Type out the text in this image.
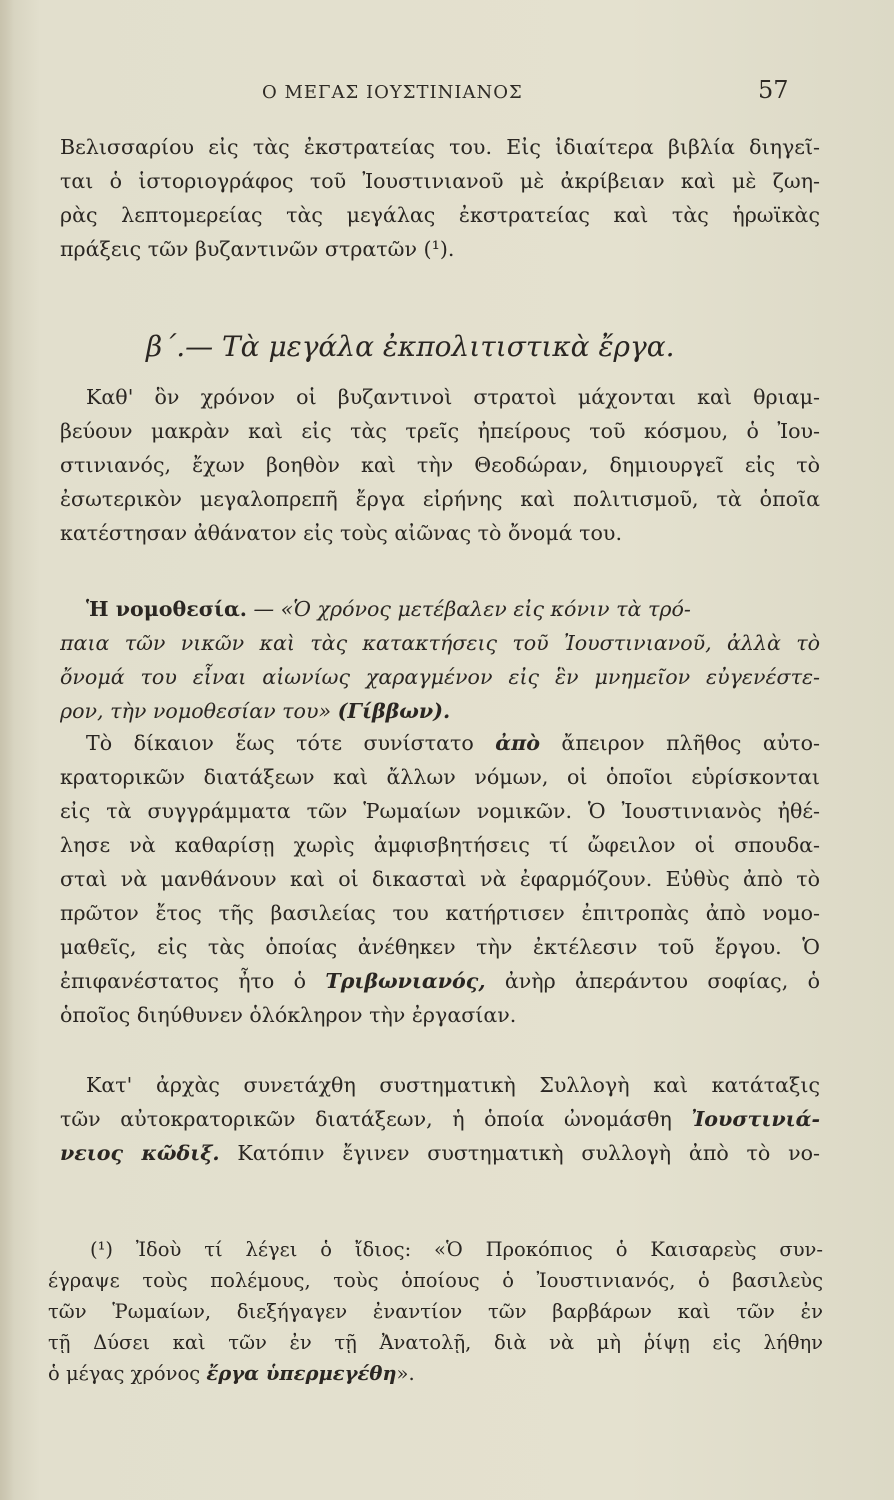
Ο ΜΕΓΑΣ ΙΟΥΣΤΙΝΙΑΝΟΣ	57
Βελισσαρίου εἰς τὰς ἐκστρατείας του. Εἰς ἰδιαίτερα βιβλία διηγεῖ-
ται ὁ ἱστοριογράφος τοῦ Ἰουστινιανοῦ μὲ ἀκρίβειαν καὶ μὲ ζωη-
ρὰς λεπτομερείας τὰς μεγάλας ἐκστρατείας καὶ τὰς ἡρωϊκὰς
πράξεις τῶν βυζαντινῶν στρατῶν (¹).
β΄.— Τὰ μεγάλα ἐκπολιτιστικὰ ἔργα.
Καθ' ὃν χρόνον οἱ βυζαντινοὶ στρατοὶ μάχονται καὶ θριαμ-
βεύουν μακρὰν καὶ εἰς τὰς τρεῖς ἠπείρους τοῦ κόσμου, ὁ Ἰου-
στινιανός, ἔχων βοηθὸν καὶ τὴν Θεοδώραν, δημιουργεῖ εἰς τὸ
ἐσωτερικὸν μεγαλοπρεπῆ ἔργα εἰρήνης καὶ πολιτισμοῦ, τὰ ὁποῖα
κατέστησαν ἀθάνατον εἰς τοὺς αἰῶνας τὸ ὄνομά του.
Ἡ νομοθεσία. — «Ὁ χρόνος μετέβαλεν εἰς κόνιν τὰ τρό-
παια τῶν νικῶν καὶ τὰς κατακτήσεις τοῦ Ἰουστινιανοῦ, ἀλλὰ τὸ
ὄνομά του εἶναι αἰωνίως χαραγμένον εἰς ἓν μνημεῖον εὐγενέστε-
ρον, τὴν νομοθεσίαν του» (Γίββων).
Τὸ δίκαιον ἕως τότε συνίστατο ἀπὸ ἄπειρον πλῆθος αὐτο-
κρατορικῶν διατάξεων καὶ ἄλλων νόμων, οἱ ὁποῖοι εὑρίσκονται
εἰς τὰ συγγράμματα τῶν Ῥωμαίων νομικῶν. Ὁ Ἰουστινιανὸς ἠθέ-
λησε νὰ καθαρίσῃ χωρὶς ἀμφισβητήσεις τί ὤφειλον οἱ σπουδα-
σταὶ νὰ μανθάνουν καὶ οἱ δικασταὶ νὰ ἐφαρμόζουν. Εὐθὺς ἀπὸ τὸ
πρῶτον ἔτος τῆς βασιλείας του κατήρτισεν ἐπιτροπὰς ἀπὸ νομο-
μαθεῖς, εἰς τὰς ὁποίας ἀνέθηκεν τὴν ἐκτέλεσιν τοῦ ἔργου. Ὁ
ἐπιφανέστατος ἦτο ὁ Τριβωνιανός, ἀνὴρ ἀπεράντου σοφίας, ὁ
ὁποῖος διηύθυνεν ὁλόκληρον τὴν ἐργασίαν.
Κατ' ἀρχὰς συνετάχθη συστηματικὴ Συλλογὴ καὶ κατάταξις
τῶν αὐτοκρατορικῶν διατάξεων, ἡ ὁποία ὠνομάσθη Ἰουστινιά-
νειος κῶδιξ. Κατόπιν ἔγινεν συστηματικὴ συλλογὴ ἀπὸ τὸ νο-
(¹) Ἰδοὺ τί λέγει ὁ ἴδιος: «Ὁ Προκόπιος ὁ Καισαρεὺς συν-
έγραψε τοὺς πολέμους, τοὺς ὁποίους ὁ Ἰουστινιανός, ὁ βασιλεὺς
τῶν Ῥωμαίων, διεξήγαγεν ἐναντίον τῶν βαρβάρων καὶ τῶν ἐν
τῇ Δύσει καὶ τῶν ἐν τῇ Ἀνατολῇ, διὰ νὰ μὴ ῥίψῃ εἰς λήθην
ὁ μέγας χρόνος ἔργα ὑπερμεγέθη».
